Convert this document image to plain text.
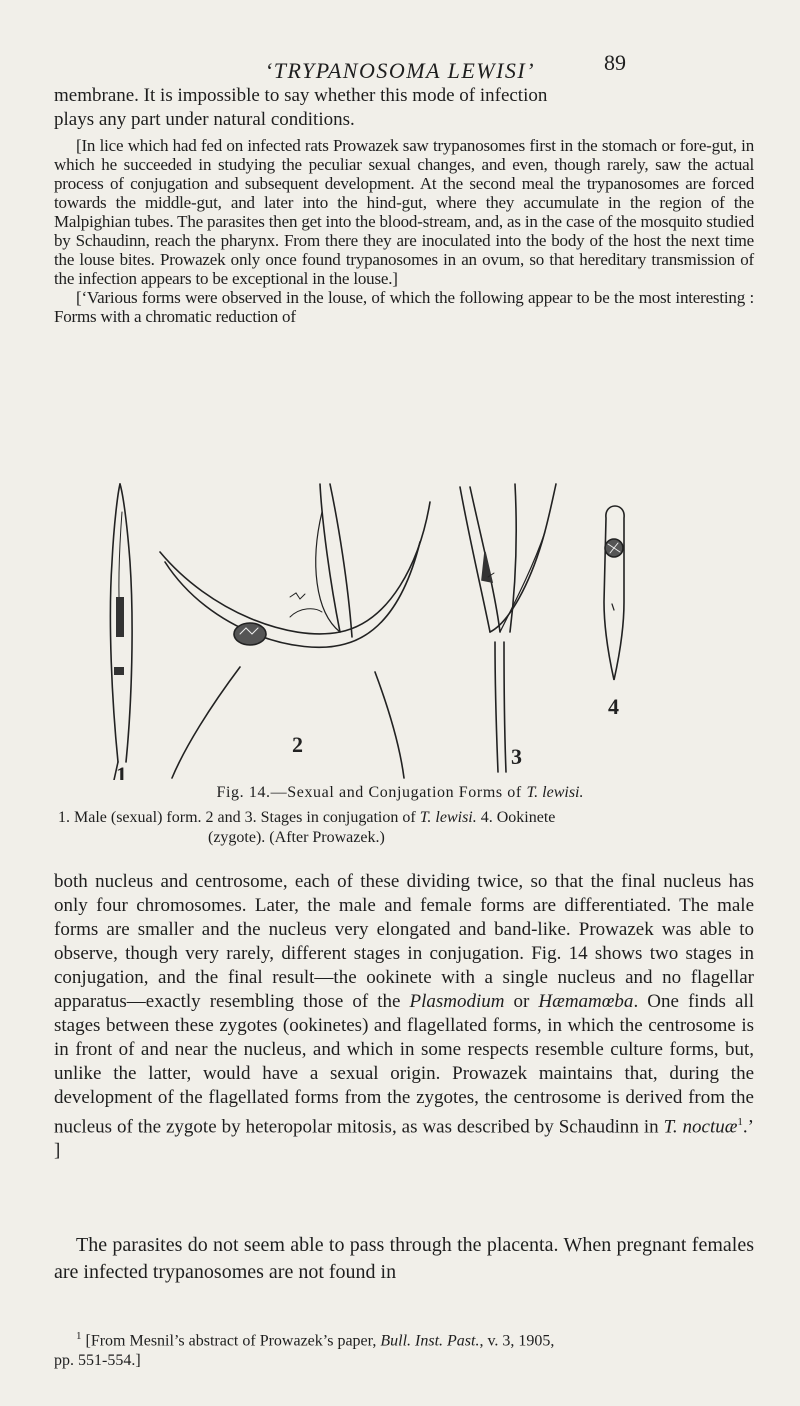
‘TRYPANOSOMA LEWISI’	89

membrane. It is impossible to say whether this mode of infection

plays any part under natural conditions.

[In lice which had fed on infected rats Prowazek saw trypanosomes first in the stomach or fore-gut, in which he succeeded in studying the peculiar sexual changes, and even, though rarely, saw the actual process of conjugation and subsequent development. At the second meal the trypanosomes are forced towards the middle-gut, and later into the hind-gut, where they accumulate in the region of the Malpighian tubes. The parasites then get into the blood-stream, and, as in the case of the mosquito studied by Schaudinn, reach the pharynx. From there they are inoculated into the body of the host the next time the louse bites. Prowazek only once found trypanosomes in an ovum, so that hereditary transmission of the infection appears to be exceptional in the louse.]

[‘Various forms were observed in the louse, of which the following appear to be the most interesting : Forms with a chromatic reduction of

2	3
4
1
Fig. 14.—Sexual and Conjugation Forms of T. lewisi.
1. Male (sexual) form. 2 and 3. Stages in conjugation of T. lewisi. 4. Ookinete
(zygote). (After Prowazek.)

both nucleus and centrosome, each of these dividing twice, so that the final nucleus has only four chromosomes. Later, the male and female forms are differentiated. The male forms are smaller and the nucleus very elongated and band-like. Prowazek was able to observe, though very rarely, different stages in conjugation. Fig. 14 shows two stages in conjugation, and the final result—the ookinete with a single nucleus and no flagellar apparatus—exactly resembling those of the Plasmodium or Hæmamœba. One finds all stages between these zygotes (ookinetes) and flagellated forms, in which the centrosome is in front of and near the nucleus, and which in some respects resemble culture forms, but, unlike the latter, would have a sexual origin. Prowazek maintains that, during the development of the flagellated forms from the zygotes, the centrosome is derived from the nucleus of the zygote by heteropolar mitosis, as was described by Schaudinn in T. noctuæ$^1$.’ ]

The parasites do not seem able to pass through the placenta. When pregnant females are infected trypanosomes are not found in

$^1$ [From Mesnil’s abstract of Prowazek’s paper, Bull. Inst. Past., v. 3, 1905,
pp. 551-554.]
